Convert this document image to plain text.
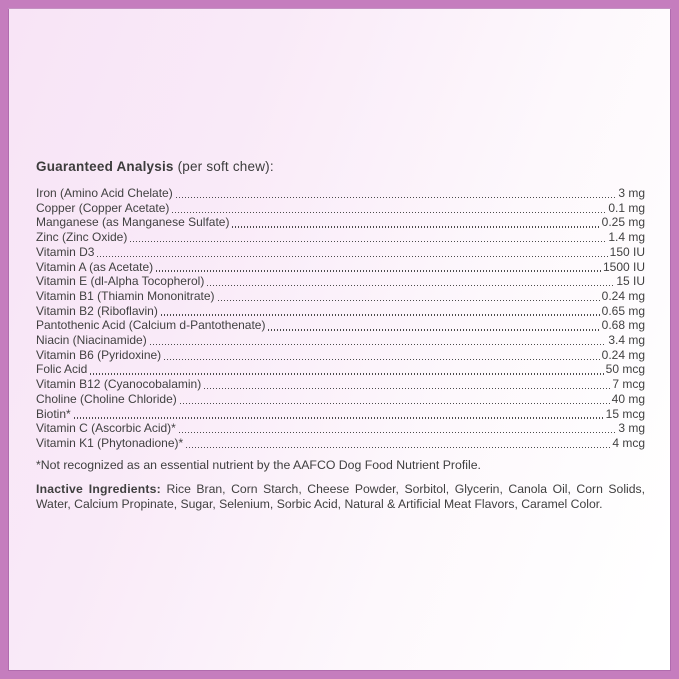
Guaranteed Analysis (per soft chew):
Iron (Amino Acid Chelate)	3 mg
Copper (Copper Acetate)	0.1 mg
Manganese (as Manganese Sulfate)	0.25 mg
Zinc (Zinc Oxide)	1.4 mg
Vitamin D3	150 IU
Vitamin A (as Acetate)	1500 IU
Vitamin E (dl-Alpha Tocopherol)	15 IU
Vitamin B1 (Thiamin Mononitrate)	0.24 mg
Vitamin B2 (Riboflavin)	0.65 mg
Pantothenic Acid (Calcium d-Pantothenate)	0.68 mg
Niacin (Niacinamide)	3.4 mg
Vitamin B6 (Pyridoxine)	0.24 mg
Folic Acid	50 mcg
Vitamin B12 (Cyanocobalamin)	7 mcg
Choline (Choline Chloride)	40 mg
Biotin*	15 mcg
Vitamin C (Ascorbic Acid)*	3 mg
Vitamin K1 (Phytonadione)*	4 mcg

*Not recognized as an essential nutrient by the AAFCO Dog Food Nutrient Profile.

Inactive Ingredients: Rice Bran, Corn Starch, Cheese Powder, Sorbitol, Glycerin, Canola Oil, Corn Solids, Water, Calcium Propinate, Sugar, Selenium, Sorbic Acid, Natural & Artificial Meat Flavors, Caramel Color.
